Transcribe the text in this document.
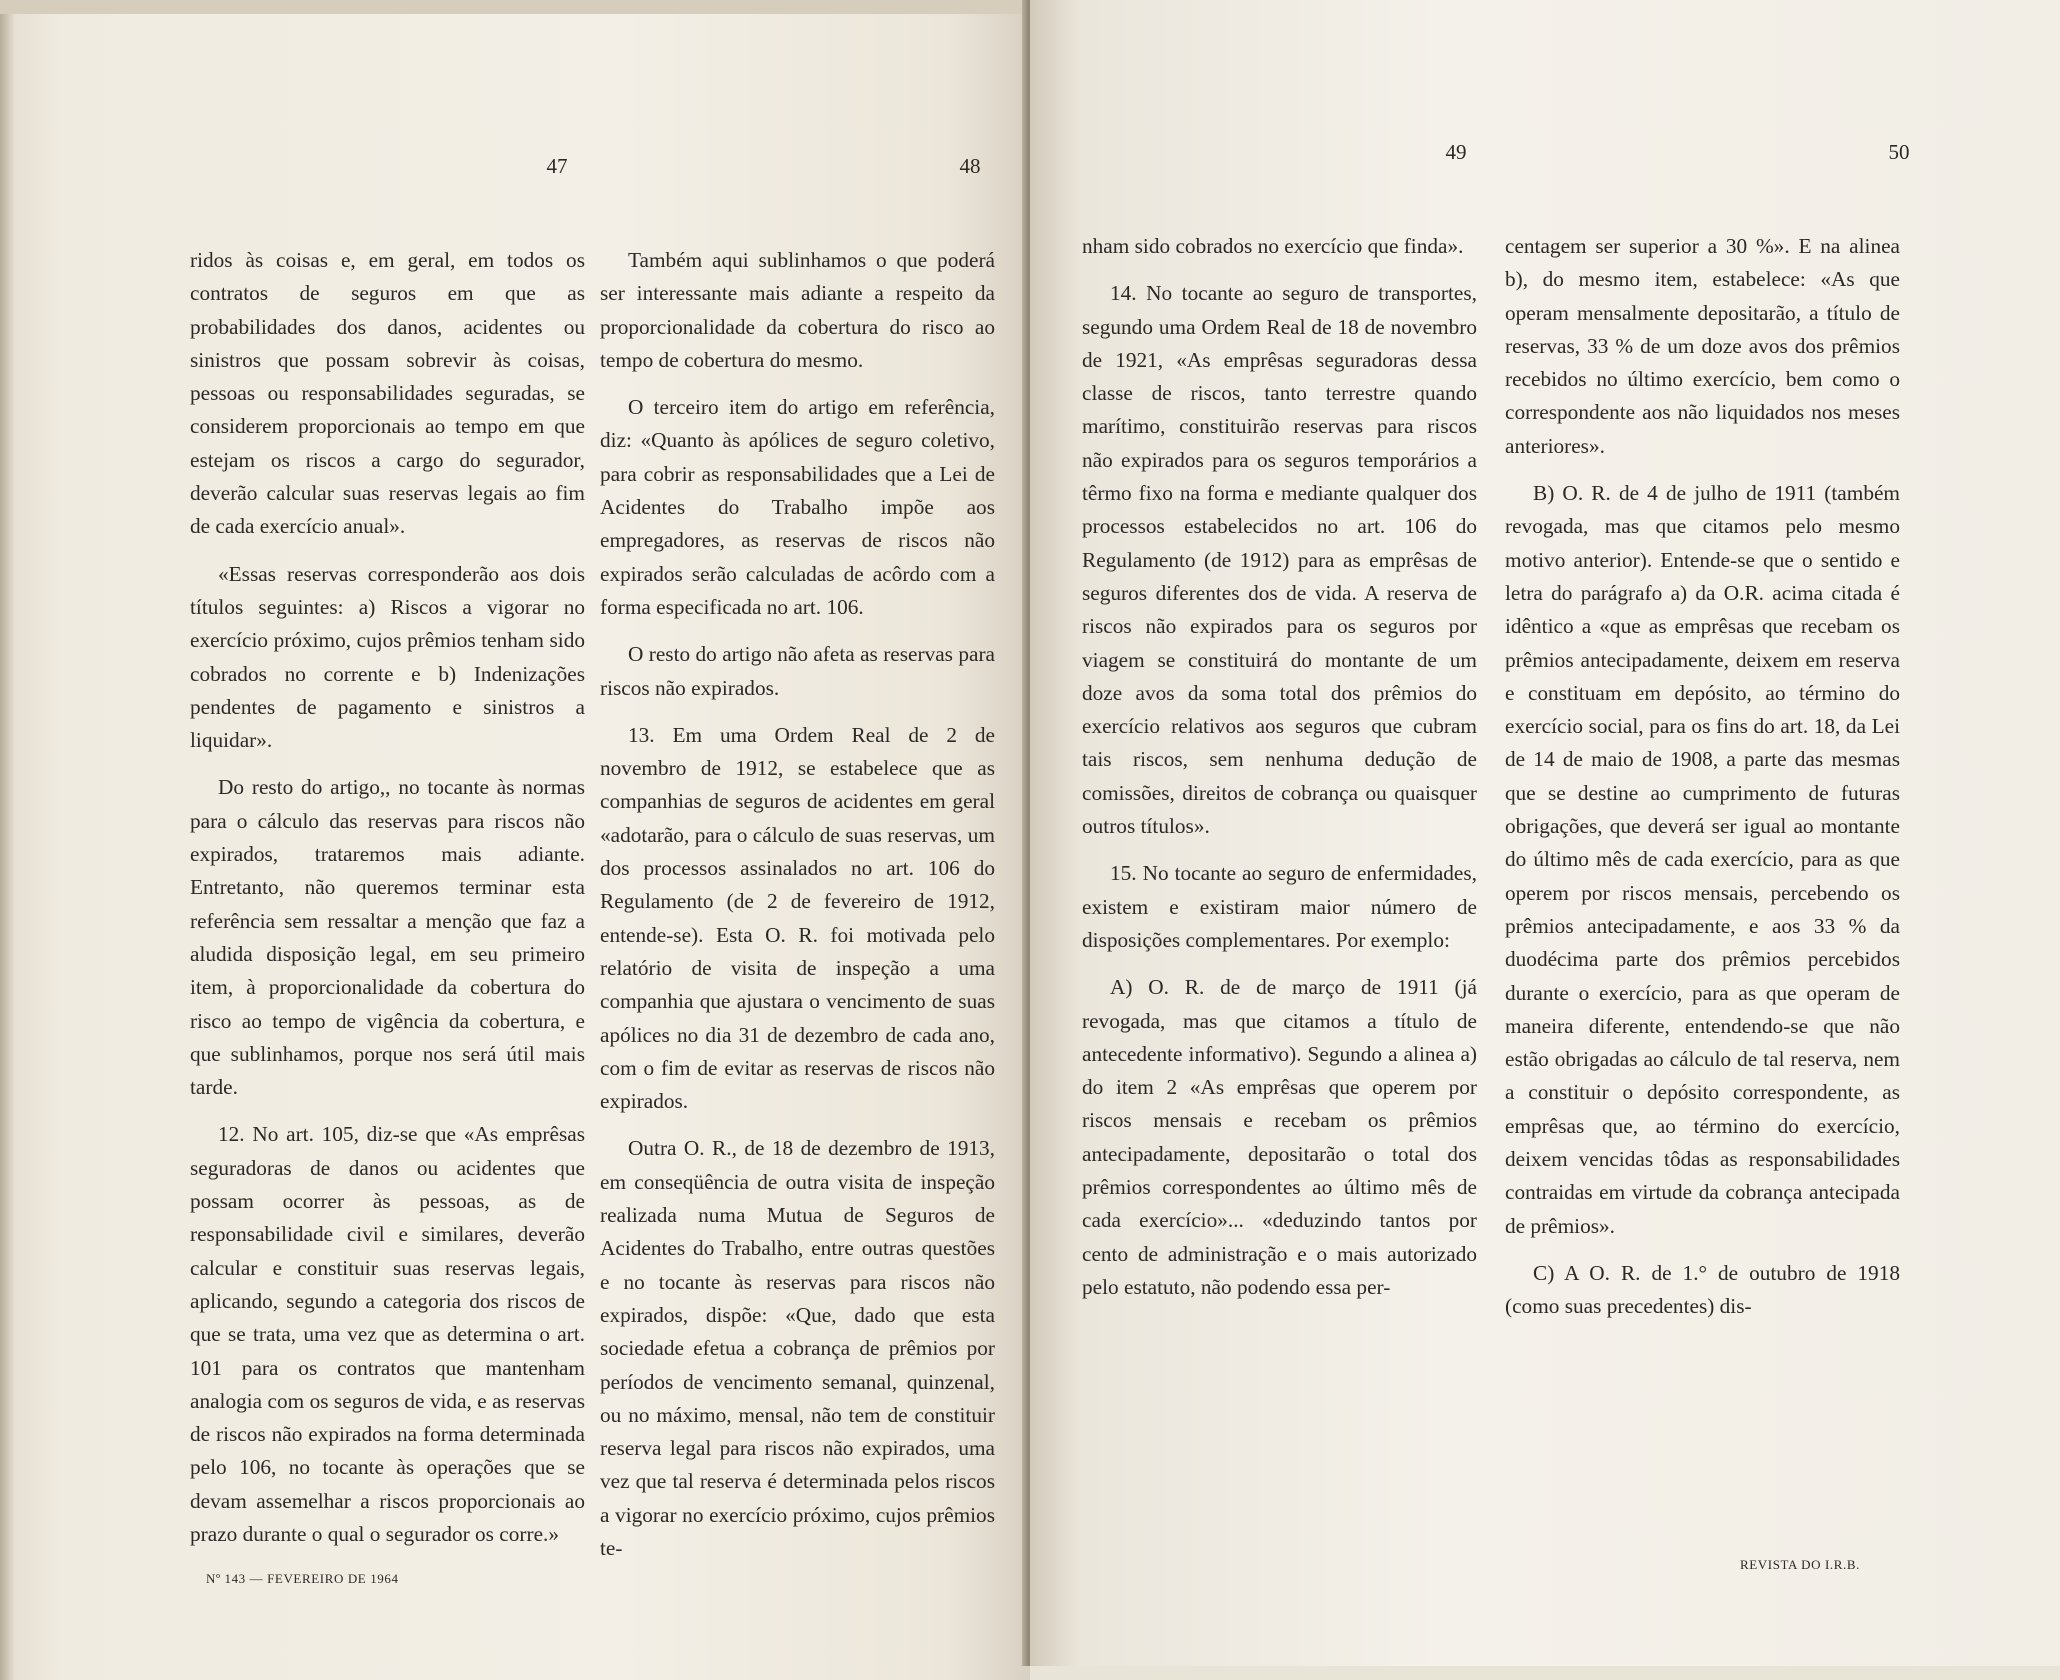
47	48

ridos às coisas e, em geral, em todos os contratos de seguros em que as probabilidades dos danos, acidentes ou sinistros que possam sobrevir às coisas, pessoas ou responsabilidades seguradas, se considerem proporcionais ao tempo em que estejam os riscos a cargo do segurador, deverão calcular suas reservas legais ao fim de cada exercício anual».

«Essas reservas corresponderão aos dois títulos seguintes: a) Riscos a vigorar no exercício próximo, cujos prêmios tenham sido cobrados no corrente e b) Indenizações pendentes de pagamento e sinistros a liquidar».

Do resto do artigo,, no tocante às normas para o cálculo das reservas para riscos não expirados, trataremos mais adiante. Entretanto, não queremos terminar esta referência sem ressaltar a menção que faz a aludida disposição legal, em seu primeiro item, à proporcionalidade da cobertura do risco ao tempo de vigência da cobertura, e que sublinhamos, porque nos será útil mais tarde.

12. No art. 105, diz-se que «As emprêsas seguradoras de danos ou acidentes que possam ocorrer às pessoas, as de responsabilidade civil e similares, deverão calcular e constituir suas reservas legais, aplicando, segundo a categoria dos riscos de que se trata, uma vez que as determina o art. 101 para os contratos que mantenham analogia com os seguros de vida, e as reservas de riscos não expirados na forma determinada pelo 106, no tocante às operações que se devam assemelhar a riscos proporcionais ao prazo durante o qual o segurador os corre.»

Também aqui sublinhamos o que poderá ser interessante mais adiante a respeito da proporcionalidade da cobertura do risco ao tempo de cobertura do mesmo.

O terceiro item do artigo em referência, diz: «Quanto às apólices de seguro coletivo, para cobrir as responsabilidades que a Lei de Acidentes do Trabalho impõe aos empregadores, as reservas de riscos não expirados serão calculadas de acôrdo com a forma especificada no art. 106.

O resto do artigo não afeta as reservas para riscos não expirados.

13. Em uma Ordem Real de 2 de novembro de 1912, se estabelece que as companhias de seguros de acidentes em geral «adotarão, para o cálculo de suas reservas, um dos processos assinalados no art. 106 do Regulamento (de 2 de fevereiro de 1912, entende-se). Esta O. R. foi motivada pelo relatório de visita de inspeção a uma companhia que ajustara o vencimento de suas apólices no dia 31 de dezembro de cada ano, com o fim de evitar as reservas de riscos não expirados.

Outra O. R., de 18 de dezembro de 1913, em conseqüência de outra visita de inspeção realizada numa Mutua de Seguros de Acidentes do Trabalho, entre outras questões e no tocante às reservas para riscos não expirados, dispõe: «Que, dado que esta sociedade efetua a cobrança de prêmios por períodos de vencimento semanal, quinzenal, ou no máximo, mensal, não tem de constituir reserva legal para riscos não expirados, uma vez que tal reserva é determinada pelos riscos a vigorar no exercício próximo, cujos prêmios te-

Nº 143 — FEVEREIRO DE 1964
49	50

nham sido cobrados no exercício que finda».

14. No tocante ao seguro de transportes, segundo uma Ordem Real de 18 de novembro de 1921, «As emprêsas seguradoras dessa classe de riscos, tanto terrestre quando marítimo, constituirão reservas para riscos não expirados para os seguros temporários a têrmo fixo na forma e mediante qualquer dos processos estabelecidos no art. 106 do Regulamento (de 1912) para as emprêsas de seguros diferentes dos de vida. A reserva de riscos não expirados para os seguros por viagem se constituirá do montante de um doze avos da soma total dos prêmios do exercício relativos aos seguros que cubram tais riscos, sem nenhuma dedução de comissões, direitos de cobrança ou quaisquer outros títulos».

15. No tocante ao seguro de enfermidades, existem e existiram maior número de disposições complementares. Por exemplo:

A) O. R. de de março de 1911 (já revogada, mas que citamos a título de antecedente informativo). Segundo a alinea a) do item 2 «As emprêsas que operem por riscos mensais e recebam os prêmios antecipadamente, depositarão o total dos prêmios correspondentes ao último mês de cada exercício»... «deduzindo tantos por cento de administração e o mais autorizado pelo estatuto, não podendo essa per-

centagem ser superior a 30 %». E na alinea b), do mesmo item, estabelece: «As que operam mensalmente depositarão, a título de reservas, 33 % de um doze avos dos prêmios recebidos no último exercício, bem como o correspondente aos não liquidados nos meses anteriores».

B) O. R. de 4 de julho de 1911 (também revogada, mas que citamos pelo mesmo motivo anterior). Entende-se que o sentido e letra do parágrafo a) da O.R. acima citada é idêntico a «que as emprêsas que recebam os prêmios antecipadamente, deixem em reserva e constituam em depósito, ao término do exercício social, para os fins do art. 18, da Lei de 14 de maio de 1908, a parte das mesmas que se destine ao cumprimento de futuras obrigações, que deverá ser igual ao montante do último mês de cada exercício, para as que operem por riscos mensais, percebendo os prêmios antecipadamente, e aos 33 % da duodécima parte dos prêmios percebidos durante o exercício, para as que operam de maneira diferente, entendendo-se que não estão obrigadas ao cálculo de tal reserva, nem a constituir o depósito correspondente, as emprêsas que, ao término do exercício, deixem vencidas tôdas as responsabilidades contraidas em virtude da cobrança antecipada de prêmios».

C) A O. R. de 1.° de outubro de 1918 (como suas precedentes) dis-

REVISTA DO I.R.B.
